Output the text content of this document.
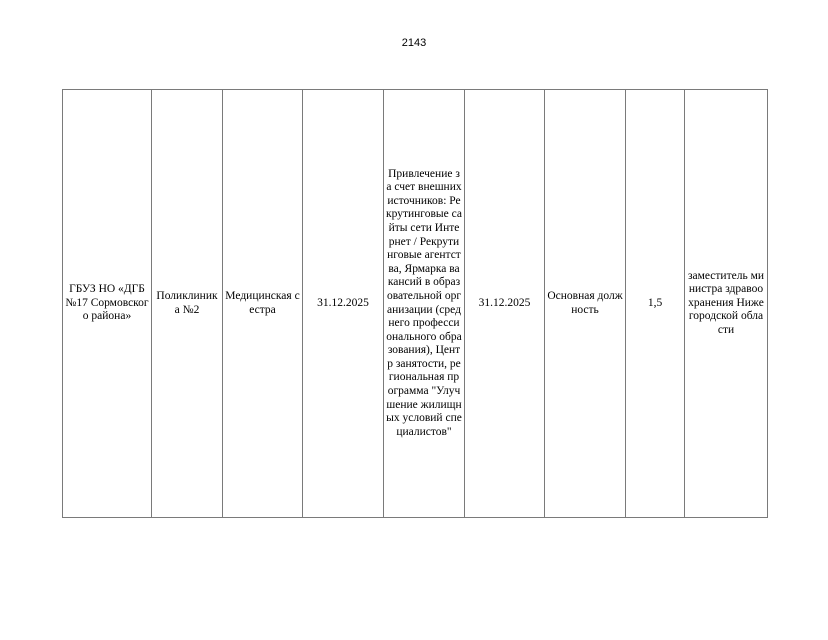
2143
ГБУЗ НО «ДГБ №17 Сормовского района»	Поликлиника №2	Медицинская сестра	31.12.2025	Привлечение за счет внешних источников: Рекрутинговые сайты сети Интернет / Рекрутинговые агентства, Ярмарка вакансий в образовательной организации (среднего профессионального образования), Центр занятости, региональная программа "Улучшение жилищных условий специалистов"	31.12.2025	Основная должность	1,5	заместитель министра здравоохранения Нижегородской области
